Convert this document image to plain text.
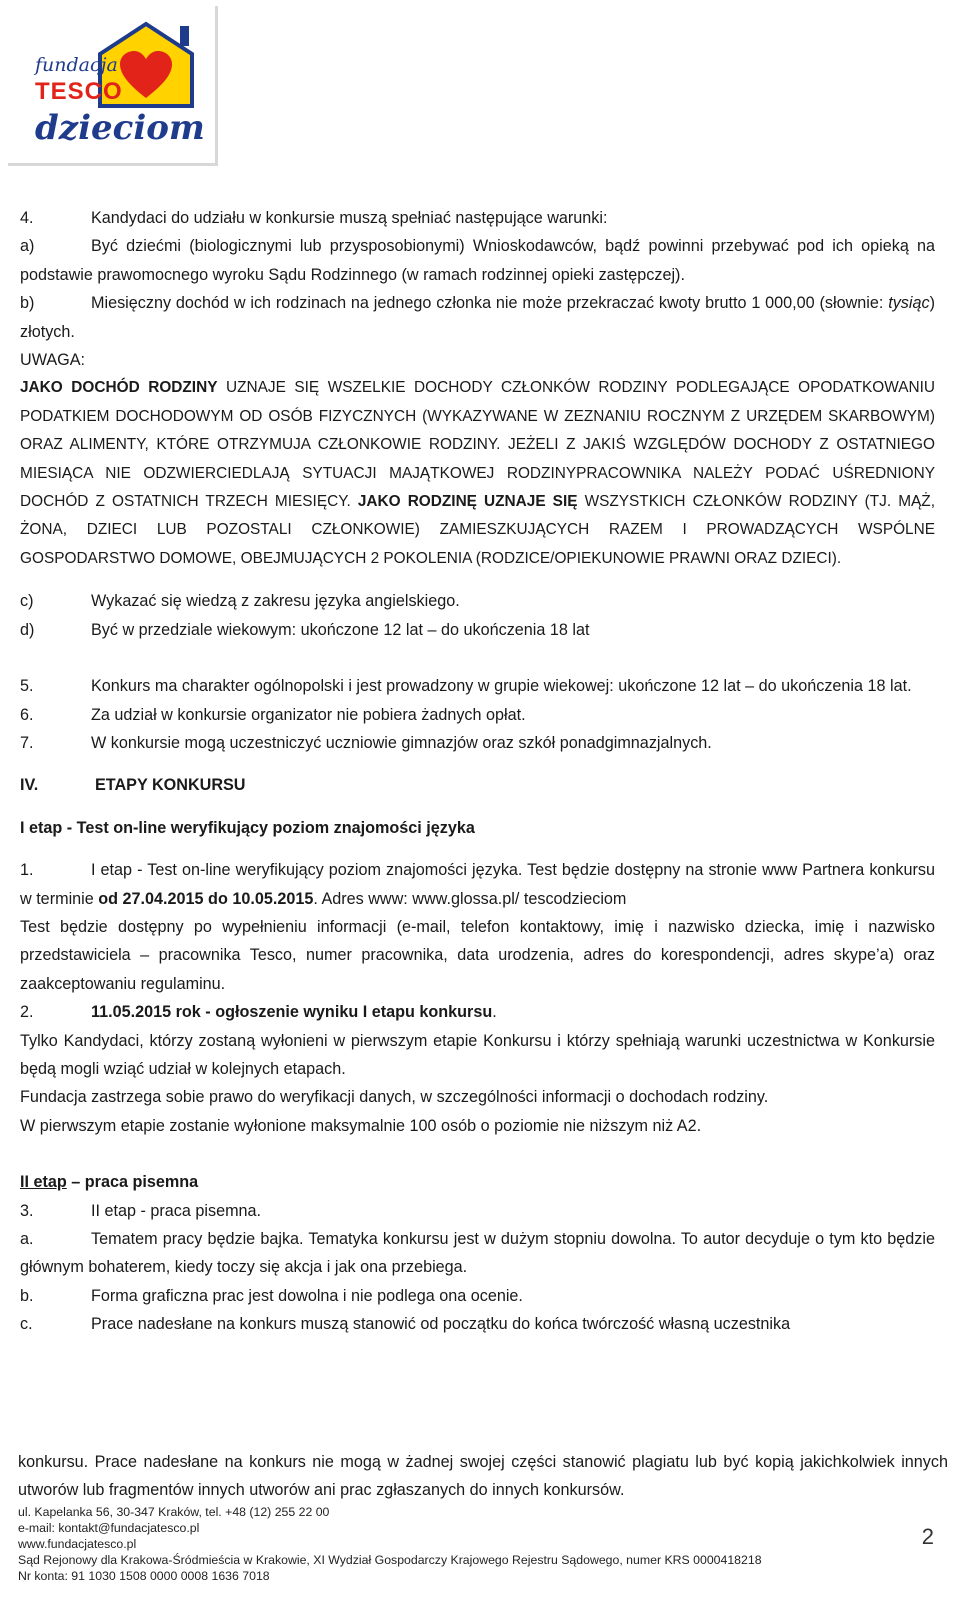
fundacja
TESCO
dzieciom

4.	Kandydaci do udziału w konkursie muszą spełniać następujące warunki:

a)	Być dziećmi (biologicznymi lub przysposobionymi) Wnioskodawców, bądź powinni przebywać pod ich opieką na podstawie prawomocnego wyroku Sądu Rodzinnego (w ramach rodzinnej opieki zastępczej).

b)	Miesięczny dochód w ich rodzinach na jednego członka nie może przekraczać kwoty brutto 1 000,00 (słownie: tysiąc) złotych.

UWAGA:

JAKO DOCHÓD RODZINY UZNAJE SIĘ WSZELKIE DOCHODY CZŁONKÓW RODZINY PODLEGAJĄCE OPODATKOWANIU PODATKIEM DOCHODOWYM OD OSÓB FIZYCZNYCH (WYKAZYWANE W ZEZNANIU ROCZNYM Z URZĘDEM SKARBOWYM) ORAZ ALIMENTY, KTÓRE OTRZYMUJA CZŁONKOWIE RODZINY. JEŻELI Z JAKIŚ WZGLĘDÓW DOCHODY Z OSTATNIEGO MIESIĄCA NIE ODZWIERCIEDLAJĄ SYTUACJI MAJĄTKOWEJ RODZINYPRACOWNIKA NALEŻY PODAĆ UŚREDNIONY DOCHÓD Z OSTATNICH TRZECH MIESIĘCY. JAKO RODZINĘ UZNAJE SIĘ WSZYSTKICH CZŁONKÓW RODZINY (TJ. MĄŻ, ŻONA, DZIECI LUB POZOSTALI CZŁONKOWIE) ZAMIESZKUJĄCYCH RAZEM I PROWADZĄCYCH WSPÓLNE GOSPODARSTWO DOMOWE, OBEJMUJĄCYCH 2 POKOLENIA (RODZICE/OPIEKUNOWIE PRAWNI ORAZ DZIECI).

c)	Wykazać się wiedzą z zakresu języka angielskiego.

d)	Być w przedziale wiekowym: ukończone 12 lat – do ukończenia 18 lat

5.	Konkurs ma charakter ogólnopolski i jest prowadzony w grupie wiekowej: ukończone 12 lat – do ukończenia 18 lat.

6.	Za udział w konkursie organizator nie pobiera żadnych opłat.

7.	W konkursie mogą uczestniczyć uczniowie gimnazjów oraz szkół ponadgimnazjalnych.

IV.	ETAPY KONKURSU

I etap - Test on-line weryfikujący poziom znajomości języka

1.	I etap - Test on-line weryfikujący poziom znajomości języka. Test będzie dostępny na stronie www Partnera konkursu w terminie od 27.04.2015 do 10.05.2015. Adres www: www.glossa.pl/ tescodzieciom

Test będzie dostępny po wypełnieniu informacji (e-mail, telefon kontaktowy, imię i nazwisko dziecka, imię i nazwisko przedstawiciela – pracownika Tesco, numer pracownika, data urodzenia, adres do korespondencji, adres skype’a) oraz zaakceptowaniu regulaminu.

2.	11.05.2015 rok - ogłoszenie wyniku I etapu konkursu.

Tylko Kandydaci, którzy zostaną wyłonieni w pierwszym etapie Konkursu i którzy spełniają warunki uczestnictwa w Konkursie będą mogli wziąć udział w kolejnych etapach.

Fundacja zastrzega sobie prawo do weryfikacji danych, w szczególności informacji o dochodach rodziny.

W pierwszym etapie zostanie wyłonione maksymalnie 100 osób o poziomie nie niższym niż A2.

II etap – praca pisemna

3.	II etap - praca pisemna.

a.	Tematem pracy będzie bajka. Tematyka konkursu jest w dużym stopniu dowolna. To autor decyduje o tym kto będzie głównym bohaterem, kiedy toczy się akcja i jak ona przebiega.

b.	Forma graficzna prac jest dowolna i nie podlega ona ocenie.

c.	Prace nadesłane na konkurs muszą stanowić od początku do końca twórczość własną uczestnika

konkursu. Prace nadesłane na konkurs nie mogą w żadnej swojej części stanowić plagiatu lub być kopią jakichkolwiek innych utworów lub fragmentów innych utworów ani prac zgłaszanych do innych konkursów.

ul. Kapelanka 56, 30-347 Kraków, tel. +48 (12) 255 22 00

e-mail: kontakt@fundacjatesco.pl

www.fundacjatesco.pl

Sąd Rejonowy dla Krakowa-Śródmieścia w Krakowie, XI Wydział Gospodarczy Krajowego Rejestru Sądowego, numer KRS 0000418218

Nr konta: 91 1030 1508 0000 0008 1636 7018

2
